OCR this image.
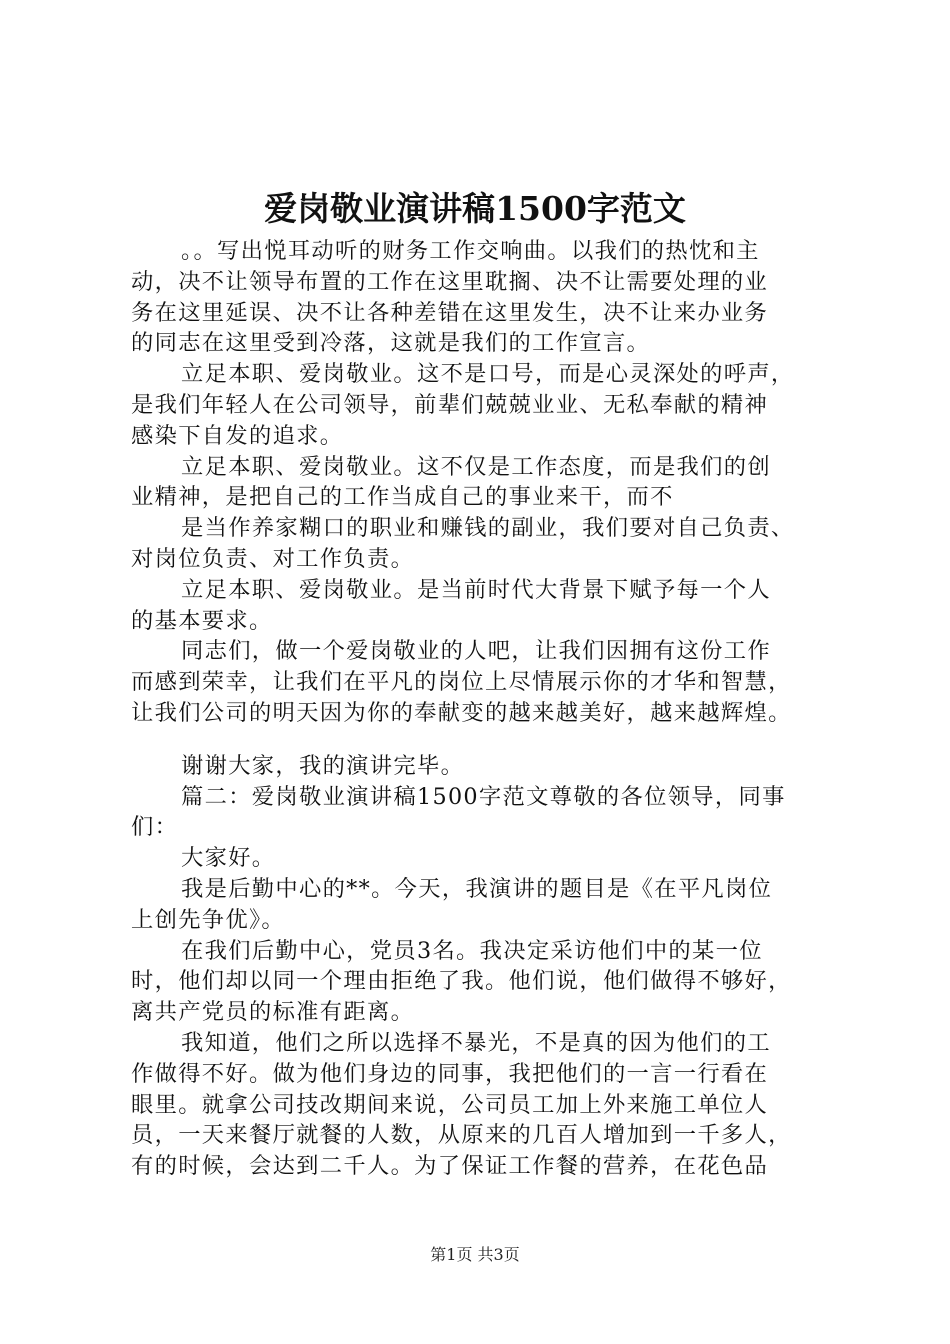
爱岗敬业演讲稿1500字范文
。。写出悦耳动听的财务工作交响曲。以我们的热忱和主
动，决不让领导布置的工作在这里耽搁、决不让需要处理的业
务在这里延误、决不让各种差错在这里发生，决不让来办业务
的同志在这里受到冷落，这就是我们的工作宣言。
立足本职、爱岗敬业。这不是口号，而是心灵深处的呼声，
是我们年轻人在公司领导，前辈们兢兢业业、无私奉献的精神
感染下自发的追求。
立足本职、爱岗敬业。这不仅是工作态度，而是我们的创
业精神，是把自己的工作当成自己的事业来干，而不
是当作养家糊口的职业和赚钱的副业，我们要对自己负责、
对岗位负责、对工作负责。
立足本职、爱岗敬业。是当前时代大背景下赋予每一个人
的基本要求。
同志们，做一个爱岗敬业的人吧，让我们因拥有这份工作
而感到荣幸，让我们在平凡的岗位上尽情展示你的才华和智慧，
让我们公司的明天因为你的奉献变的越来越美好，越来越辉煌。
谢谢大家，我的演讲完毕。
篇二：爱岗敬业演讲稿1500字范文尊敬的各位领导，同事
们：
大家好。
我是后勤中心的**。今天，我演讲的题目是《在平凡岗位
上创先争优》。
在我们后勤中心，党员3名。我决定采访他们中的某一位
时，他们却以同一个理由拒绝了我。他们说，他们做得不够好，
离共产党员的标准有距离。
我知道，他们之所以选择不暴光，不是真的因为他们的工
作做得不好。做为他们身边的同事，我把他们的一言一行看在
眼里。就拿公司技改期间来说，公司员工加上外来施工单位人
员，一天来餐厅就餐的人数，从原来的几百人增加到一千多人，
有的时候，会达到二千人。为了保证工作餐的营养，在花色品
第1页 共3页
